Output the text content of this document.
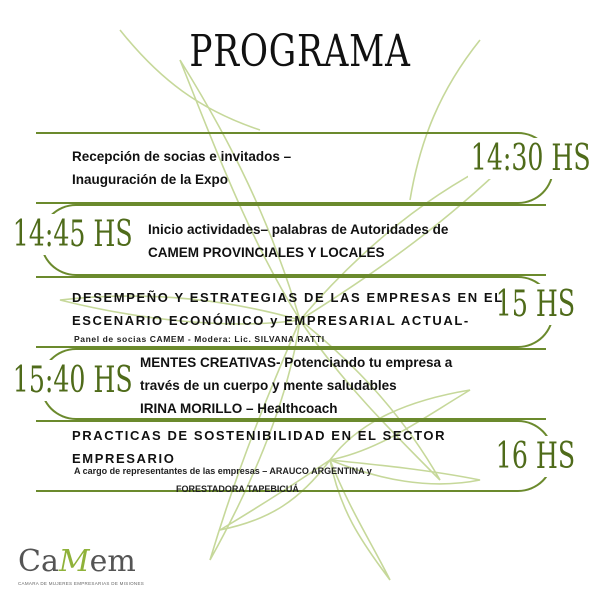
PROGRAMA
14:30 HS
Recepción de socias e invitados –
Inauguración de la Expo
14:45 HS Inicio actividades– palabras de Autoridades de
CAMEM PROVINCIALES Y LOCALES
15 HS
DESEMPEÑO Y ESTRATEGIAS DE LAS EMPRESAS EN EL
ESCENARIO ECONÓMICO y EMPRESARIAL ACTUAL-
Panel de socias CAMEM - Modera: Lic. SILVANA RATTI
15:40 HS MENTES CREATIVAS- Potenciando tu empresa a
través de un cuerpo y mente saludables
IRINA MORILLO – Healthcoach
16 HS
PRACTICAS DE SOSTENIBILIDAD EN EL SECTOR
EMPRESARIO
A cargo de representantes de las empresas – ARAUCO ARGENTINA y
FORESTADORA TAPEBICUÁ
CaMem
CAMARA DE MUJERES EMPRESARIAS DE MISIONES
